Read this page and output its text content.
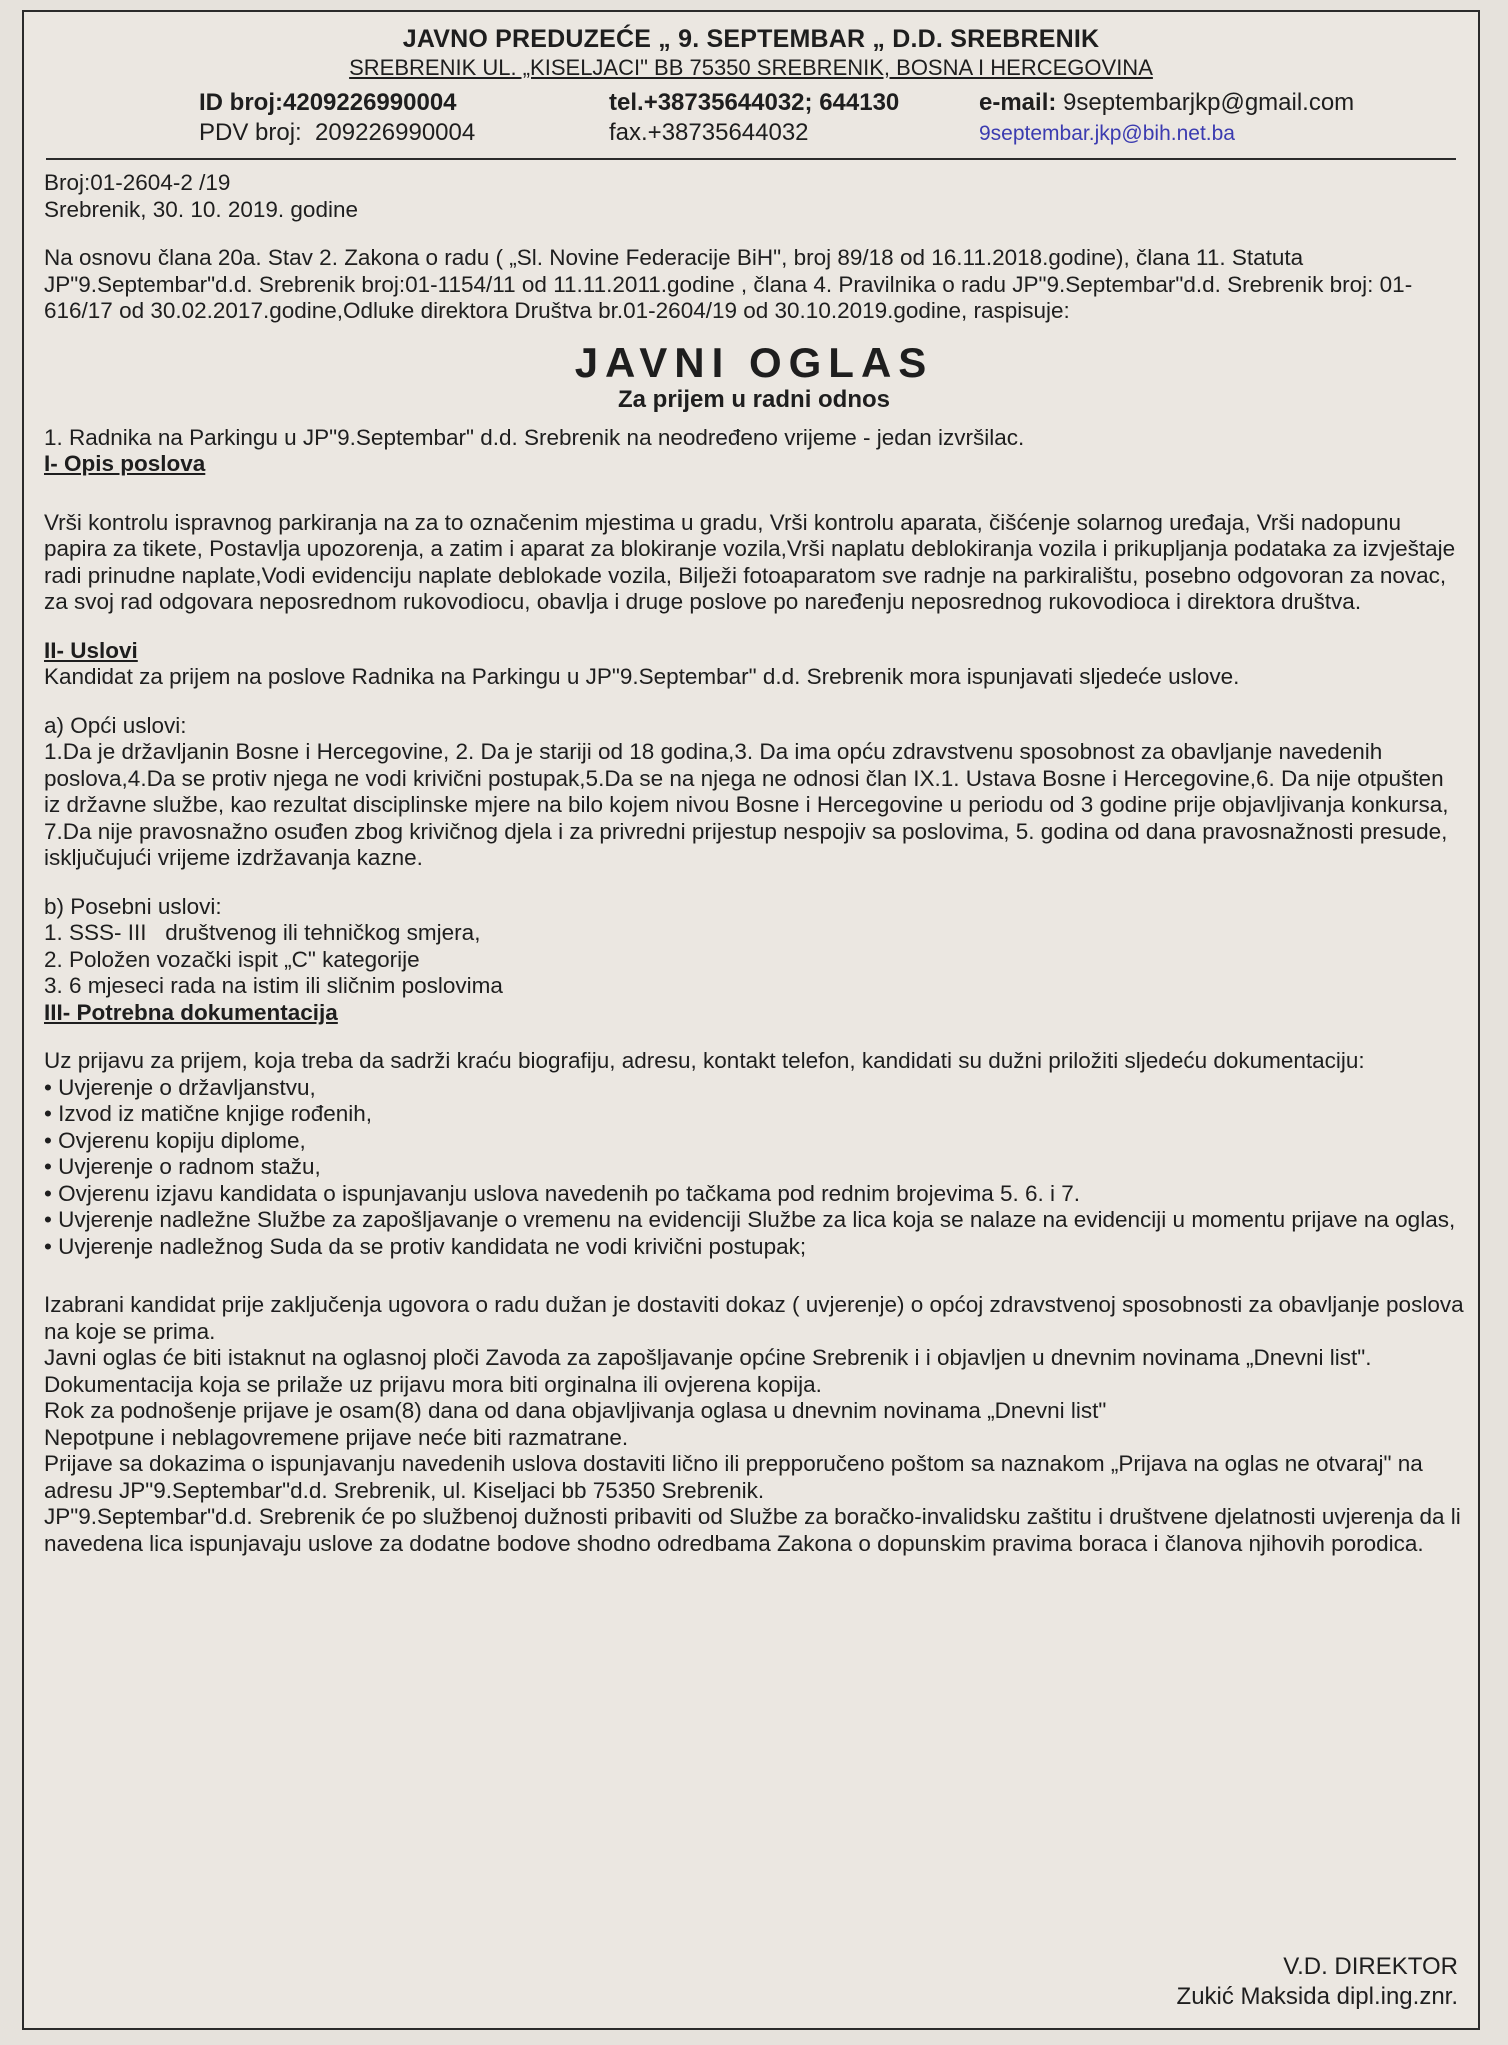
JAVNO PREDUZEĆE „ 9. SEPTEMBAR „ D.D. SREBRENIK
SREBRENIK UL. „KISELJACI" BB 75350 SREBRENIK, BOSNA I HERCEGOVINA
ID broj:4209226990004	tel.+38735644032; 644130	e-mail: 9septembarjkp@gmail.com
PDV broj: 209226990004	fax.+38735644032	9septembar.jkp@bih.net.ba

Broj:01-2604-2 /19

Srebrenik, 30. 10. 2019. godine

Na osnovu člana 20a. Stav 2. Zakona o radu ( „Sl. Novine Federacije BiH", broj 89/18 od 16.11.2018.godine), člana 11. Statuta JP"9.Septembar"d.d. Srebrenik broj:01-1154/11 od 11.11.2011.godine , člana 4. Pravilnika o radu JP"9.Septembar"d.d. Srebrenik broj: 01-616/17 od 30.02.2017.godine,Odluke direktora Društva br.01-2604/19 od 30.10.2019.godine, raspisuje:

JAVNI OGLAS
Za prijem u radni odnos

1. Radnika na Parkingu u JP"9.Septembar" d.d. Srebrenik na neodređeno vrijeme - jedan izvršilac.

I- Opis poslova

Vrši kontrolu ispravnog parkiranja na za to označenim mjestima u gradu, Vrši kontrolu aparata, čišćenje solarnog uređaja, Vrši nadopunu papira za tikete, Postavlja upozorenja, a zatim i aparat za blokiranje vozila,Vrši naplatu deblokiranja vozila i prikupljanja podataka za izvještaje radi prinudne naplate,Vodi evidenciju naplate deblokade vozila, Bilježi fotoaparatom sve radnje na parkiralištu, posebno odgovoran za novac, za svoj rad odgovara neposrednom rukovodiocu, obavlja i druge poslove po naređenju neposrednog rukovodioca i direktora društva.

II- Uslovi

Kandidat za prijem na poslove Radnika na Parkingu u JP"9.Septembar" d.d. Srebrenik mora ispunjavati sljedeće uslove.

a) Opći uslovi:

1.Da je državljanin Bosne i Hercegovine, 2. Da je stariji od 18 godina,3. Da ima opću zdravstvenu sposobnost za obavljanje navedenih poslova,4.Da se protiv njega ne vodi krivični postupak,5.Da se na njega ne odnosi član IX.1. Ustava Bosne i Hercegovine,6. Da nije otpušten iz državne službe, kao rezultat disciplinske mjere na bilo kojem nivou Bosne i Hercegovine u periodu od 3 godine prije objavljivanja konkursa, 7.Da nije pravosnažno osuđen zbog krivičnog djela i za privredni prijestup nespojiv sa poslovima, 5. godina od dana pravosnažnosti presude, isključujući vrijeme izdržavanja kazne.

b) Posebni uslovi:

1. SSS- III   društvenog ili tehničkog smjera,

2. Položen vozački ispit „C" kategorije

3. 6 mjeseci rada na istim ili sličnim poslovima

III- Potrebna dokumentacija

Uz prijavu za prijem, koja treba da sadrži kraću biografiju, adresu, kontakt telefon, kandidati su dužni priložiti sljedeću dokumentaciju:

• Uvjerenje o državljanstvu,
• Izvod iz matične knjige rođenih,
• Ovjerenu kopiju diplome,
• Uvjerenje o radnom stažu,
• Ovjerenu izjavu kandidata o ispunjavanju uslova navedenih po tačkama pod rednim brojevima 5. 6. i 7.
• Uvjerenje nadležne Službe za zapošljavanje o vremenu na evidenciji Službe za lica koja se nalaze na evidenciji u momentu prijave na oglas,
• Uvjerenje nadležnog Suda da se protiv kandidata ne vodi krivični postupak;

Izabrani kandidat prije zaključenja ugovora o radu dužan je dostaviti dokaz ( uvjerenje) o općoj zdravstvenoj sposobnosti za obavljanje poslova na koje se prima.

Javni oglas će biti istaknut na oglasnoj ploči Zavoda za zapošljavanje općine Srebrenik i i objavljen u dnevnim novinama „Dnevni list".

Dokumentacija koja se prilaže uz prijavu mora biti orginalna ili ovjerena kopija.

Rok za podnošenje prijave je osam(8) dana od dana objavljivanja oglasa u dnevnim novinama „Dnevni list"

Nepotpune i neblagovremene prijave neće biti razmatrane.

Prijave sa dokazima o ispunjavanju navedenih uslova dostaviti lično ili prepporučeno poštom sa naznakom „Prijava na oglas ne otvaraj" na adresu JP"9.Septembar"d.d. Srebrenik, ul. Kiseljaci bb 75350 Srebrenik.

JP"9.Septembar"d.d. Srebrenik će po službenoj dužnosti pribaviti od Službe za boračko-invalidsku zaštitu i društvene djelatnosti uvjerenja da li navedena lica ispunjavaju uslove za dodatne bodove shodno odredbama Zakona o dopunskim pravima boraca i članova njihovih porodica.

V.D. DIREKTOR
Zukić Maksida dipl.ing.znr.
